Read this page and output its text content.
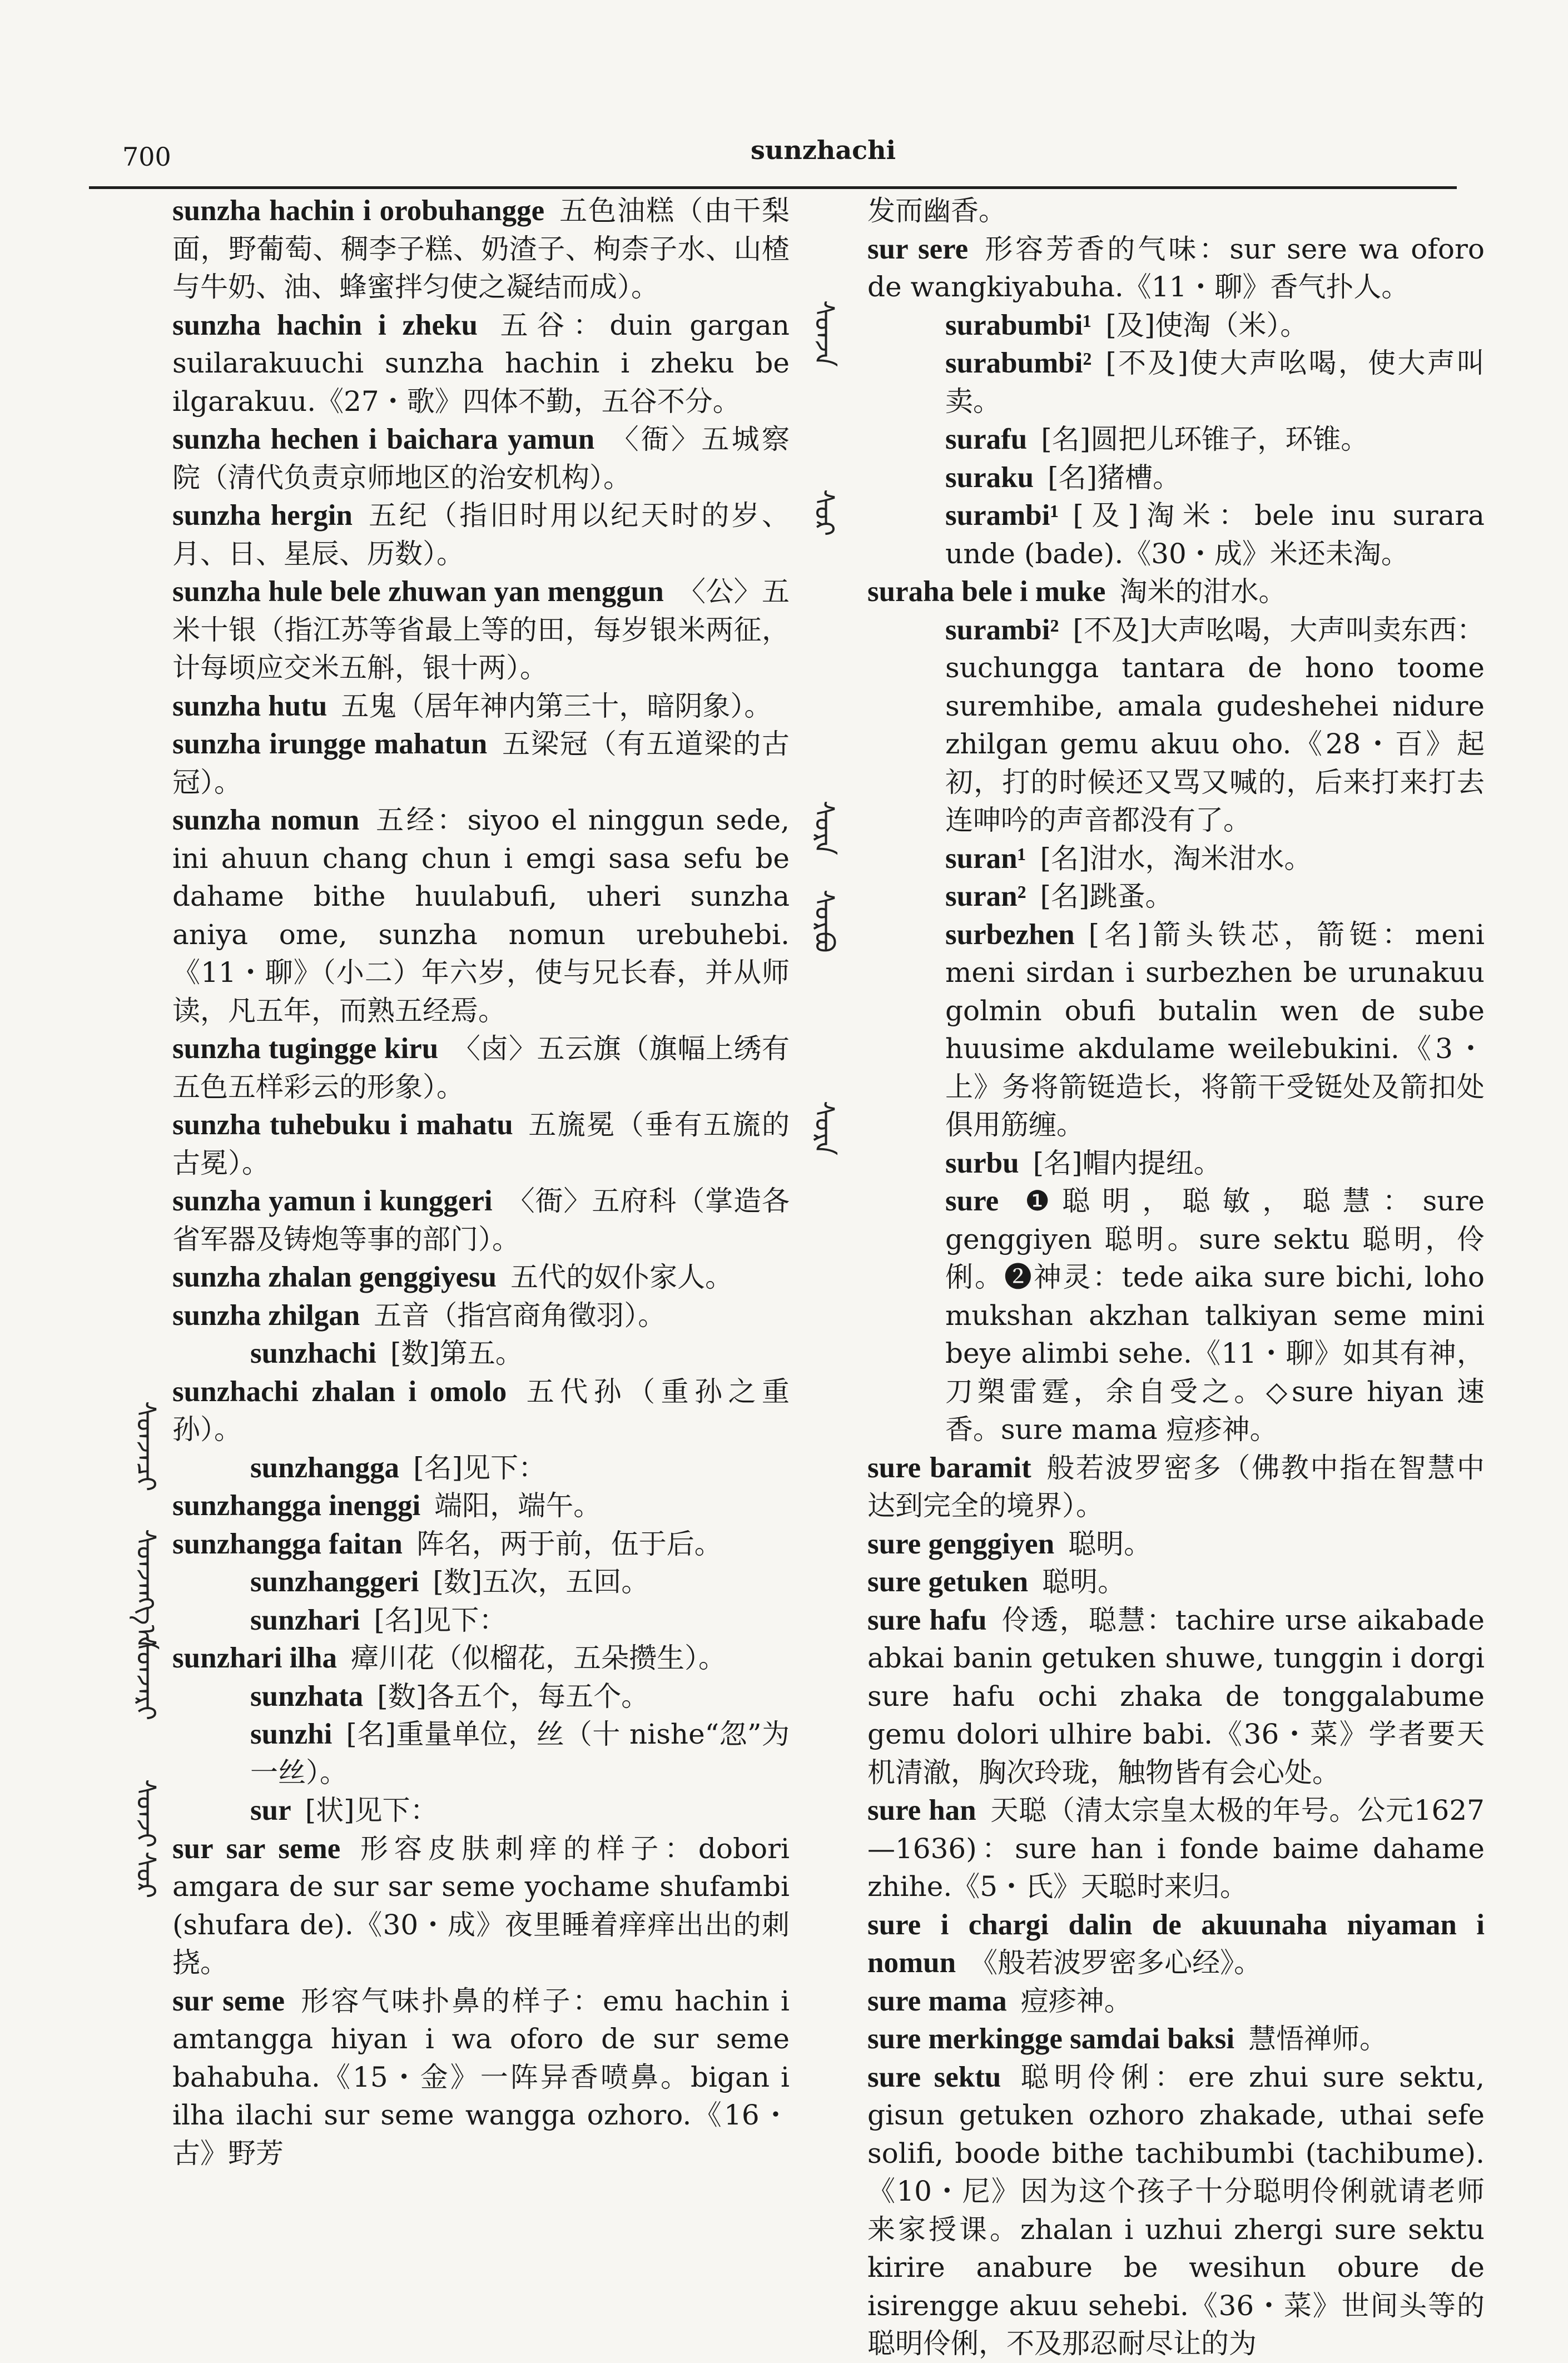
700	sunzhachi

sunzha hachin i orobuhangge  五色油糕（由干梨面，野葡萄、稠李子糕、奶渣子、枸柰子水、山楂与牛奶、油、蜂蜜拌匀使之凝结而成）。

sunzha hachin i zheku  五谷：duin gargan suilarakuuchi sunzha hachin i zheku be ilgarakuu.《27・歌》四体不勤，五谷不分。

sunzha hechen i baichara yamun  〈衙〉五城察院（清代负责京师地区的治安机构）。

sunzha hergin  五纪（指旧时用以纪天时的岁、月、日、星辰、历数）。

sunzha hule bele zhuwan yan menggun  〈公〉五米十银（指江苏等省最上等的田，每岁银米两征，计每顷应交米五斛，银十两）。

sunzha hutu  五鬼（居年神内第三十，暗阴象）。

sunzha irungge mahatun  五梁冠（有五道梁的古冠）。

sunzha nomun  五经：siyoo el ninggun sede, ini ahuun chang chun i emgi sasa sefu be dahame bithe huulabufi, uheri sunzha aniya ome, sunzha nomun urebuhebi.《11・聊》（小二）年六岁，使与兄长春，并从师读，凡五年，而熟五经焉。

sunzha tugingge kiru  〈卤〉五云旗（旗幅上绣有五色五样彩云的形象）。

sunzha tuhebuku i mahatu  五旒冕（垂有五旒的古冕）。

sunzha yamun i kunggeri  〈衙〉五府科（掌造各省军器及铸炮等事的部门）。

sunzha zhalan genggiyesu  五代的奴仆家人。

sunzha zhilgan  五音（指宫商角徵羽）。

sunzhachi  [数]第五。

sunzhachi zhalan i omolo  五代孙（重孙之重孙）。

sunzhangga  [名]见下：

sunzhangga inenggi  端阳，端午。

sunzhangga faitan  阵名，两于前，伍于后。

sunzhanggeri  [数]五次，五回。

sunzhari  [名]见下：

sunzhari ilha  瘴川花（似榴花，五朵攒生）。

sunzhata  [数]各五个，每五个。

sunzhi  [名]重量单位，丝（十 nishe“忽”为一丝）。

sur  [状]见下：

sur sar seme  形容皮肤刺痒的样子：dobori amgara de sur sar seme yochame shufambi (shufara de).《30・成》夜里睡着痒痒出出的刺挠。

sur seme  形容气味扑鼻的样子：emu hachin i amtangga hiyan i wa oforo de sur seme bahabuha.《15・金》一阵异香喷鼻。bigan i ilha ilachi sur seme wangga ozhoro.《16・古》野芳

发而幽香。

sur sere  形容芳香的气味：sur sere wa oforo de wangkiyabuha.《11・聊》香气扑人。

surabumbi¹  [及]使淘（米）。

surabumbi²  [不及]使大声吆喝，使大声叫卖。

surafu  [名]圆把儿环锥子，环锥。

suraku  [名]猪槽。

surambi¹  [及]淘米：bele inu surara unde (bade).《30・成》米还未淘。

suraha bele i muke  淘米的泔水。

surambi²  [不及]大声吆喝，大声叫卖东西：suchungga tantara de hono toome suremhibe, amala gudeshehei nidure zhilgan gemu akuu oho.《28・百》起初，打的时候还又骂又喊的，后来打来打去连呻吟的声音都没有了。

suran¹  [名]泔水，淘米泔水。

suran²  [名]跳蚤。

surbezhen  [名]箭头铁芯，箭铤：meni meni sirdan i surbezhen be urunakuu golmin obufi butalin wen de sube huusime akdulame weilebukini.《3・上》务将箭铤造长，将箭干受铤处及箭扣处俱用筋缠。

surbu  [名]帽内提纽。

sure  ❶聪明，聪敏，聪慧：sure genggiyen 聪明。sure sektu 聪明，伶俐。❷神灵：tede aika sure bichi, loho mukshan akzhan talkiyan seme mini beye alimbi sehe.《11・聊》如其有神，刀槊雷霆，余自受之。◇sure hiyan 速香。sure mama 痘疹神。

sure baramit  般若波罗密多（佛教中指在智慧中达到完全的境界）。

sure genggiyen  聪明。

sure getuken  聪明。

sure hafu  伶透，聪慧：tachire urse aikabade abkai banin getuken shuwe, tunggin i dorgi sure hafu ochi zhaka de tonggalabume gemu dolori ulhire babi.《36・菜》学者要天机清澈，胸次玲珑，触物皆有会心处。

sure han  天聪（清太宗皇太极的年号。公元1627—1636)：sure han i fonde baime dahame zhihe.《5・氏》天聪时来归。

sure i chargi dalin de akuunaha niyaman i nomun  《般若波罗密多心经》。

sure mama  痘疹神。

sure merkingge samdai baksi  慧悟禅师。

sure sektu  聪明伶俐：ere zhui sure sektu, gisun getuken ozhoro zhakade, uthai sefe solifi, boode bithe tachibumbi (tachibume).《10・尼》因为这个孩子十分聪明伶俐就请老师来家授课。zhalan i uzhui zhergi sure sektu kirire anabure be wesihun obure de isirengge akuu sehebi.《36・菜》世间头等的聪明伶俐，不及那忍耐尽让的为

ᠰᠤᠨᠵᠠ
ᠰᠤᠷ
ᠰᠤᠷᠠ
ᠰᠤᠷᠪᠤ
ᠰᠤᠷᠡ
ᠰᠤᠨᠵᠠᠴᠢ
ᠰᠤᠨᠵᠠᠩᠭ᠎ᠠ
ᠰᠤᠨᠵᠠᠷᠢ
ᠰᠤᠨᠵᠢ
ᠰᠤᠷ
